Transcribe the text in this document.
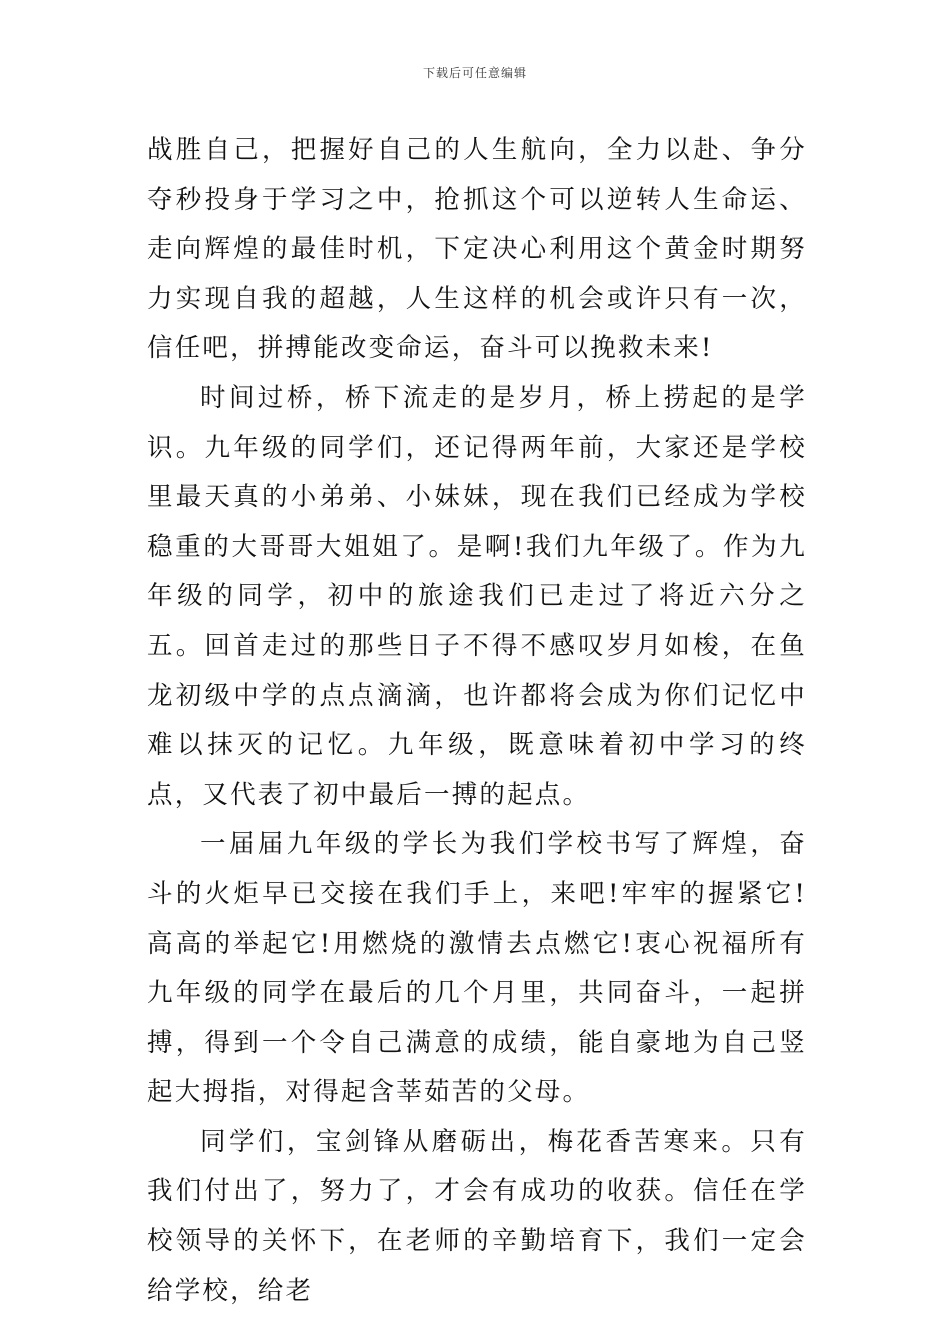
下载后可任意编辑

战胜自己，把握好自己的人生航向，全力以赴、争分夺秒投身于学习之中，抢抓这个可以逆转人生命运、走向辉煌的最佳时机，下定决心利用这个黄金时期努力实现自我的超越，人生这样的机会或许只有一次，信任吧，拼搏能改变命运，奋斗可以挽救未来!

时间过桥，桥下流走的是岁月，桥上捞起的是学识。九年级的同学们，还记得两年前，大家还是学校里最天真的小弟弟、小妹妹，现在我们已经成为学校稳重的大哥哥大姐姐了。是啊!我们九年级了。作为九年级的同学，初中的旅途我们已走过了将近六分之五。回首走过的那些日子不得不感叹岁月如梭，在鱼龙初级中学的点点滴滴，也许都将会成为你们记忆中难以抹灭的记忆。九年级，既意味着初中学习的终点，又代表了初中最后一搏的起点。

一届届九年级的学长为我们学校书写了辉煌，奋斗的火炬早已交接在我们手上，来吧!牢牢的握紧它!高高的举起它!用燃烧的激情去点燃它!衷心祝福所有九年级的同学在最后的几个月里，共同奋斗，一起拼搏，得到一个令自己满意的成绩，能自豪地为自己竖起大拇指，对得起含莘茹苦的父母。

同学们，宝剑锋从磨砺出，梅花香苦寒来。只有我们付出了，努力了，才会有成功的收获。信任在学校领导的关怀下，在老师的辛勤培育下，我们一定会给学校，给老
